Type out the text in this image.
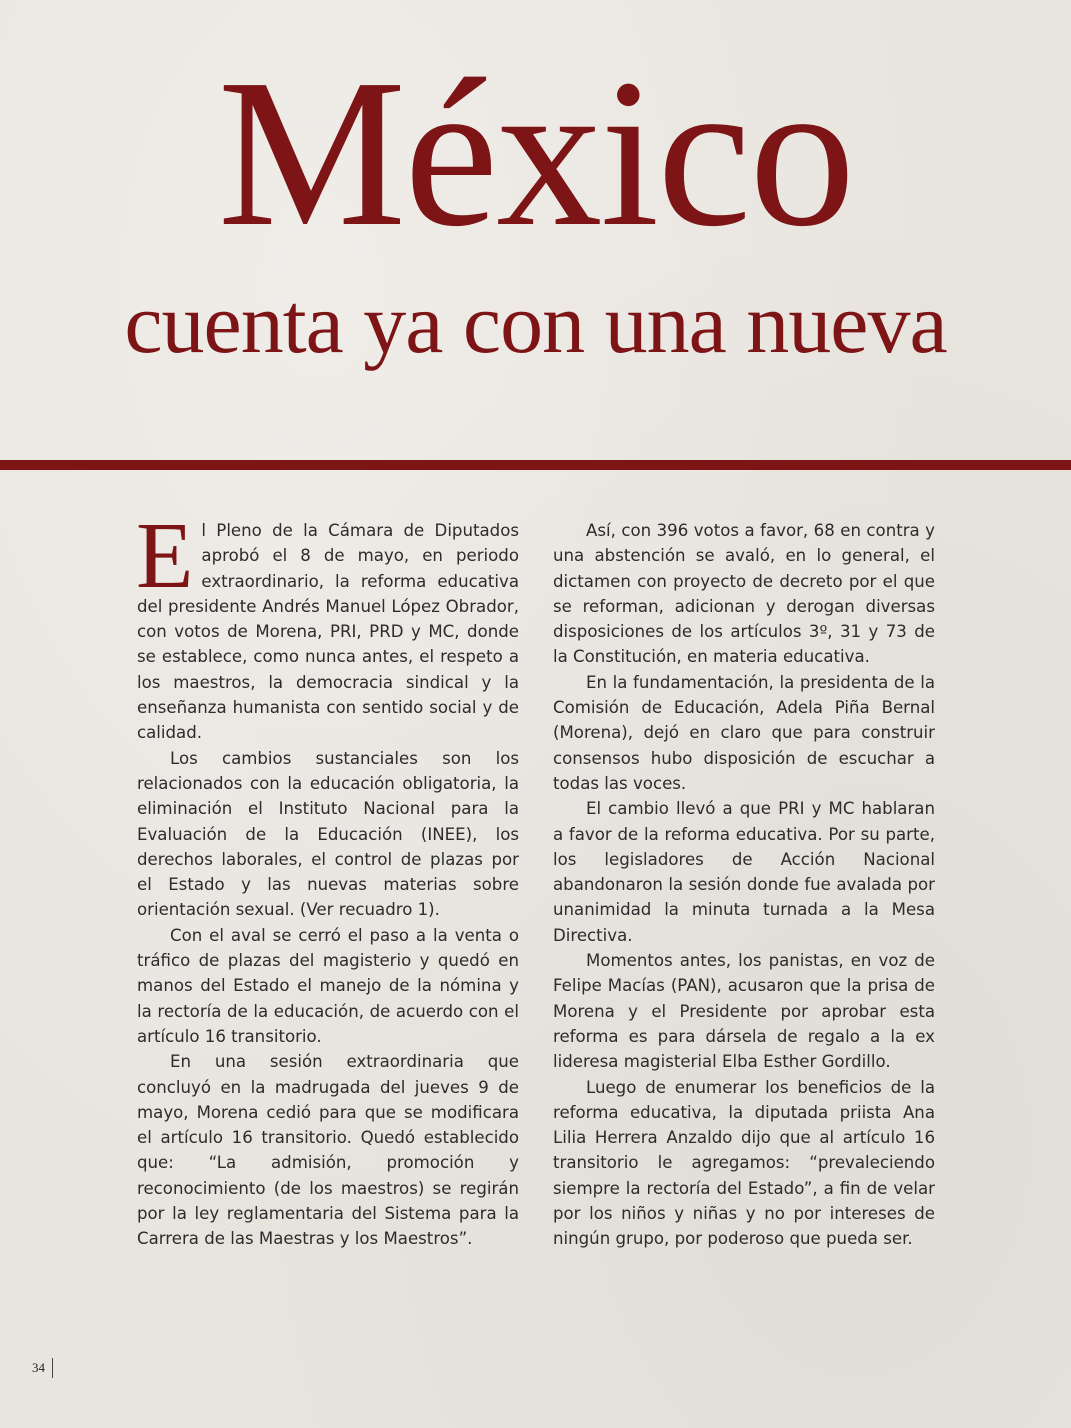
México
cuenta ya con una nueva

El Pleno de la Cámara de Diputados aprobó el 8 de mayo, en periodo extraordinario, la reforma educativa del presidente Andrés Manuel López Obrador, con votos de Morena, PRI, PRD y MC, donde se establece, como nunca antes, el respeto a los maestros, la democracia sindical y la enseñanza humanista con sentido social y de calidad.

Los cambios sustanciales son los relacionados con la educación obligatoria, la eliminación el Instituto Nacional para la Evaluación de la Educación (INEE), los derechos laborales, el control de plazas por el Estado y las nuevas materias sobre orientación sexual. (Ver recuadro 1).

Con el aval se cerró el paso a la venta o tráfico de plazas del magisterio y quedó en manos del Estado el manejo de la nómina y la rectoría de la educación, de acuerdo con el artículo 16 transitorio.

En una sesión extraordinaria que concluyó en la madrugada del jueves 9 de mayo, Morena cedió para que se modificara el artículo 16 transitorio. Quedó establecido que: “La admisión, promoción y reconocimiento (de los maestros) se regirán por la ley reglamentaria del Sistema para la Carrera de las Maestras y los Maestros”.

Así, con 396 votos a favor, 68 en contra y una abstención se avaló, en lo general, el dictamen con proyecto de decreto por el que se reforman, adicionan y derogan diversas disposiciones de los artículos 3º, 31 y 73 de la Constitución, en materia educativa.

En la fundamentación, la presidenta de la Comisión de Educación, Adela Piña Bernal (Morena), dejó en claro que para construir consensos hubo disposición de escuchar a todas las voces.

El cambio llevó a que PRI y MC hablaran a favor de la reforma educativa. Por su parte, los legisladores de Acción Nacional abandonaron la sesión donde fue avalada por unanimidad la minuta turnada a la Mesa Directiva.

Momentos antes, los panistas, en voz de Felipe Macías (PAN), acusaron que la prisa de Morena y el Presidente por aprobar esta reforma es para dársela de regalo a la ex lideresa magisterial Elba Esther Gordillo.

Luego de enumerar los beneficios de la reforma educativa, la diputada priista Ana Lilia Herrera Anzaldo dijo que al artículo 16 transitorio le agregamos: “prevaleciendo siempre la rectoría del Estado”, a fin de velar por los niños y niñas y no por intereses de ningún grupo, por poderoso que pueda ser.

34
